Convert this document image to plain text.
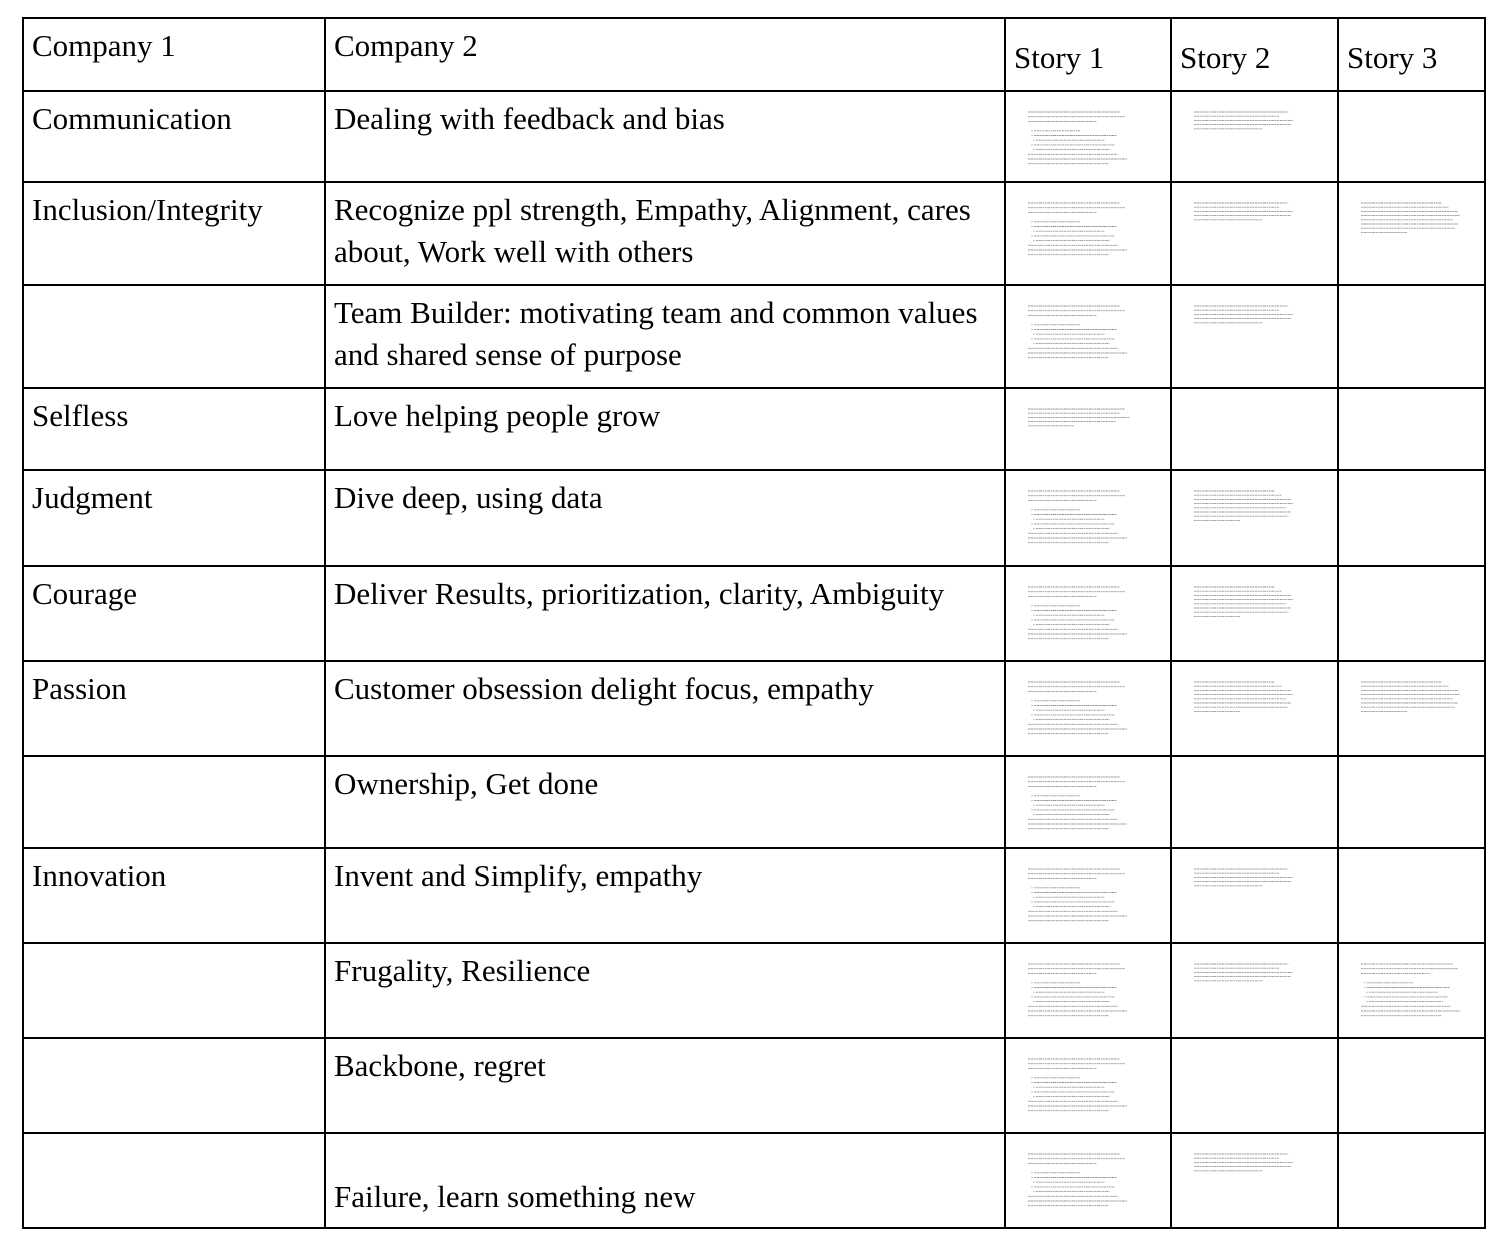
Company 1	Company 2	Story 1	Story 2	Story 3

Communication	Dealing with feedback and bias

Inclusion/Integrity	Recognize ppl strength, Empathy, Alignment, cares about, Work well with others

	Team Builder: motivating team and common values and shared sense of purpose

Selfless	Love helping people grow

Judgment	Dive deep, using data

Courage	Deliver Results, prioritization, clarity, Ambiguity

Passion	Customer obsession delight focus, empathy

	Ownership, Get done

Innovation	Invent and Simplify, empathy

	Frugality, Resilience

	Backbone, regret

	Failure, learn something new
